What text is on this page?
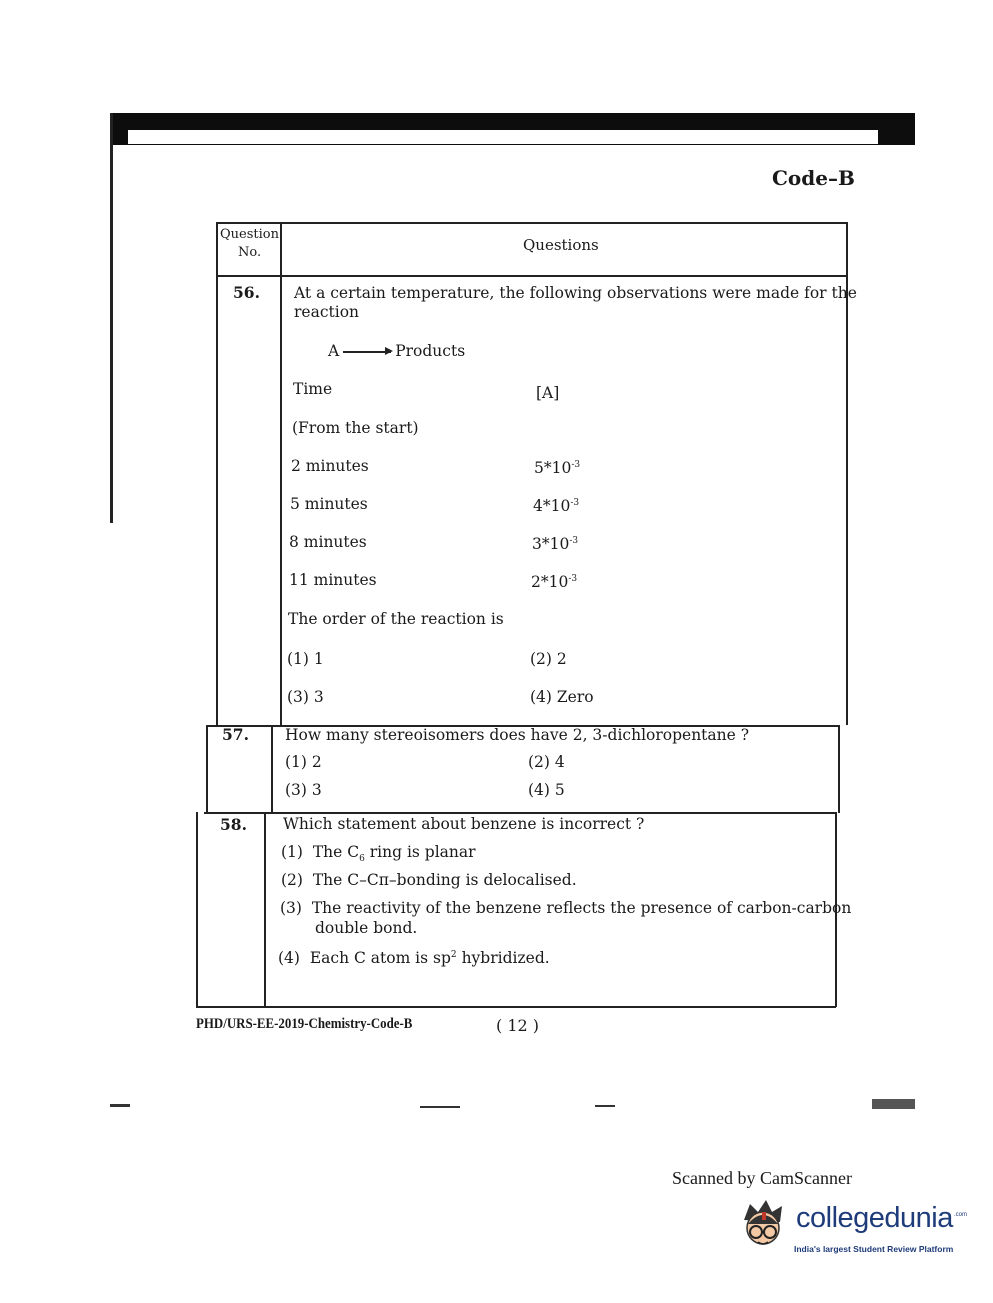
Code–B
Question
No.	Questions
56. At a certain temperature, the following observations were made for the
reaction
A → Products
Time	[A]
(From the start)
2 minutes	$5*10^{-3}$
5 minutes	$4*10^{-3}$
8 minutes	$3*10^{-3}$
11 minutes	$2*10^{-3}$
The order of the reaction is
(1) 1	(2) 2
(3) 3	(4) Zero
57. How many stereoisomers does have 2, 3-dichloropentane ?
(1) 2	(2) 4
(3) 3	(4) 5
58. Which statement about benzene is incorrect ?
(1) The $C_6$ ring is planar
(2) The C–Cπ–bonding is delocalised.
(3) The reactivity of the benzene reflects the presence of carbon-carbon
double bond.
(4) Each C atom is $sp^2$ hybridized.
PHD/URS-EE-2019-Chemistry-Code-B	( 12 )
Scanned by CamScanner
collegedunia .com
India's largest Student Review Platform
